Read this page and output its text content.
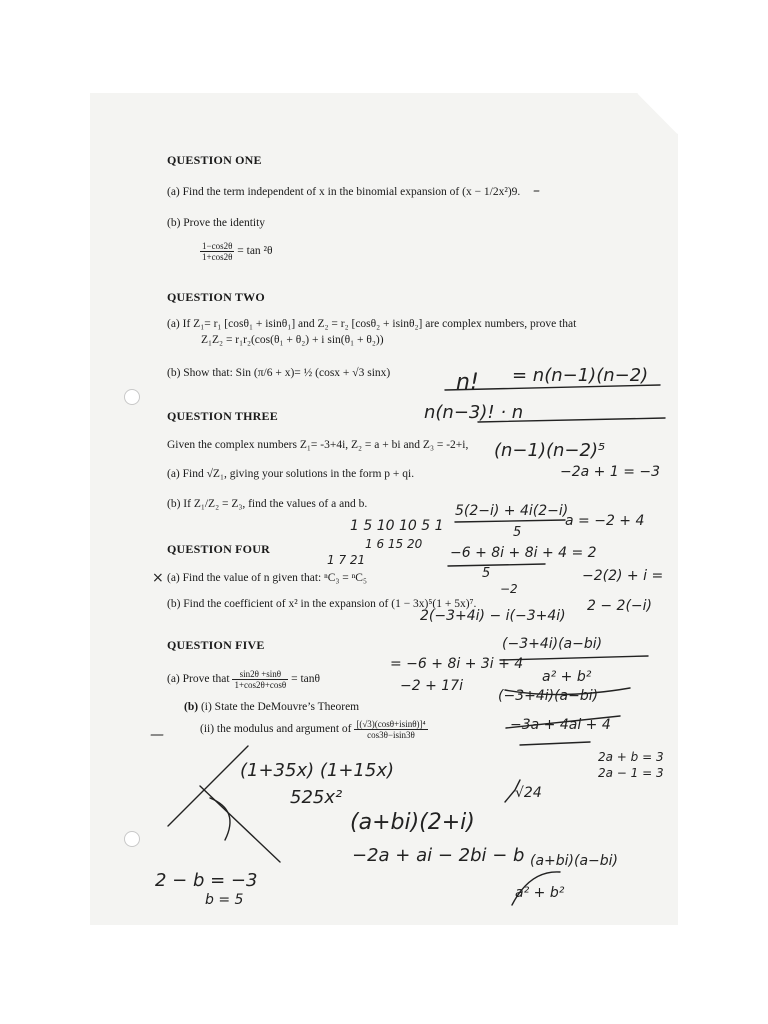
QUESTION ONE
(a) Find the term independent of x in the binomial expansion of (x − 1/2x²)9.
(b) Prove the identity
$\frac{1-\cos 2\theta}{1+\cos 2\theta} = \tan ^2\theta$
QUESTION TWO
(a) If Z₁= r₁ [cosθ₁ + isinθ₁] and Z₂ = r₂ [cosθ₂ + isinθ₂] are complex numbers, prove that
Z₁Z₂ = r₁r₂(cos(θ₁ + θ₂) + i sin(θ₁ + θ₂))
(b) Show that: Sin (π/6 + x)= ½ (cosx + √3 sinx)
QUESTION THREE
Given the complex numbers Z₁= -3+4i, Z₂ = a + bi and Z₃ = -2+i,
(a) Find √Z₁, giving your solutions in the form p + qi.
(b) If Z₁/Z₂ = Z₃, find the values of a and b.
QUESTION FOUR
(a) Find the value of n given that: ⁿC₃ = ⁿC₅
(b) Find the coefficient of x² in the expansion of (1 − 3x)⁵(1 + 5x)⁷.
QUESTION FIVE
(a) Prove that $\frac{\sin 2\theta +\sin\theta}{1+\cos 2\theta+\cos\theta} = \tan\theta$
(b) (i) State the DeMouvre’s Theorem
(ii) the modulus and argument of $\frac{\text{[(√3)(cosθ+isinθ)]⁴}}{\cos 3\theta-isin3\theta}$
–
×
—
n! = n(n−1)(n−2)
n(n−3)! · n
(n−1)(n−2)⁵
−2a + 1 = −3
1 5 10 10 5 1
1 6 15 20
1 7 21
5(2−i) + 4i(2−i)
5
a = −2 + 4
−6 + 8i + 8i + 4 = 2
5	−2(2) + i =
−2
2 − 2(−i)
2(−3+4i) − i(−3+4i)
(−3+4i)(a−bi)
= −6 + 8i + 3i + 4
a² + b²
−2 + 17i
(−3+4i)(a−bi)
−3a + 4ai + 4
2a + b = 3
2a − 1 = 3
√24
(1+35x) (1+15x)
525x²
(a+bi)(2+i)
−2a + ai − 2bi − b
2 − b = −3
b = 5
(a+bi)(a−bi)
a² + b²
